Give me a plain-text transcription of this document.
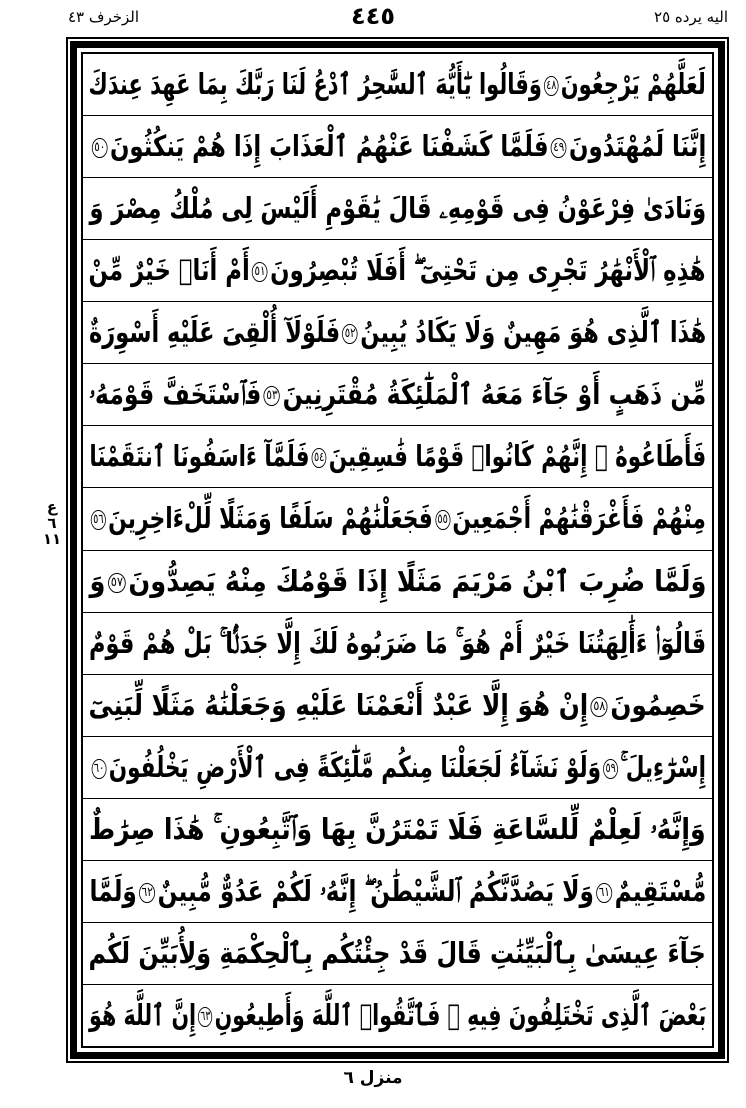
الزخرف ٤٣	٤٤٥	اليه يرده ٢٥
ع ٦ ١١
لَعَلَّهُمْ يَرْجِعُونَ٤٨وَقَالُوا يَٰٓأَيُّهَ ٱلسَّٰحِرُ ٱدْعُ لَنَا رَبَّكَ بِمَا عَهِدَ عِندَكَ
إِنَّنَا لَمُهْتَدُونَ٤٩فَلَمَّا كَشَفْنَا عَنْهُمُ ٱلْعَذَابَ إِذَا هُمْ يَنكُثُونَ٥٠
وَنَادَىٰ فِرْعَوْنُ فِى قَوْمِهِۦ قَالَ يَٰقَوْمِ أَلَيْسَ لِى مُلْكُ مِصْرَ وَ
هَٰذِهِ ٱلْأَنْهَٰرُ تَجْرِى مِن تَحْتِىٓ ۖ أَفَلَا تُبْصِرُونَ٥١أَمْ أَنَا۠ خَيْرٌ مِّنْ
هَٰذَا ٱلَّذِى هُوَ مَهِينٌ وَلَا يَكَادُ يُبِينُ٥٢فَلَوْلَآ أُلْقِىَ عَلَيْهِ أَسْوِرَةٌ
مِّن ذَهَبٍ أَوْ جَآءَ مَعَهُ ٱلْمَلَٰٓئِكَةُ مُقْتَرِنِينَ٥٣فَٱسْتَخَفَّ قَوْمَهُۥ
فَأَطَاعُوهُ ۚ إِنَّهُمْ كَانُوا۟ قَوْمًا فَٰسِقِينَ٥٤فَلَمَّآ ءَاسَفُونَا ٱنتَقَمْنَا
مِنْهُمْ فَأَغْرَقْنَٰهُمْ أَجْمَعِينَ٥٥فَجَعَلْنَٰهُمْ سَلَفًا وَمَثَلًا لِّلْءَاخِرِينَ٥٦
وَلَمَّا ضُرِبَ ٱبْنُ مَرْيَمَ مَثَلًا إِذَا قَوْمُكَ مِنْهُ يَصِدُّونَ٥٧وَ
قَالُوٓا۟ ءَأَٰلِهَتُنَا خَيْرٌ أَمْ هُوَ ۚ مَا ضَرَبُوهُ لَكَ إِلَّا جَدَلًۢا ۚ بَلْ هُمْ قَوْمٌ
خَصِمُونَ٥٨إِنْ هُوَ إِلَّا عَبْدٌ أَنْعَمْنَا عَلَيْهِ وَجَعَلْنَٰهُ مَثَلًا لِّبَنِىٓ
إِسْرَٰٓءِيلَ ۚ٥٩وَلَوْ نَشَآءُ لَجَعَلْنَا مِنكُم مَّلَٰٓئِكَةً فِى ٱلْأَرْضِ يَخْلُفُونَ٦٠
وَإِنَّهُۥ لَعِلْمٌ لِّلسَّاعَةِ فَلَا تَمْتَرُنَّ بِهَا وَٱتَّبِعُونِ ۚ هَٰذَا صِرَٰطٌ
مُّسْتَقِيمٌ٦١وَلَا يَصُدَّنَّكُمُ ٱلشَّيْطَٰنُ ۖ إِنَّهُۥ لَكُمْ عَدُوٌّ مُّبِينٌ٦٢وَلَمَّا
جَآءَ عِيسَىٰ بِٱلْبَيِّنَٰتِ قَالَ قَدْ جِئْتُكُم بِٱلْحِكْمَةِ وَلِأُبَيِّنَ لَكُم
بَعْضَ ٱلَّذِى تَخْتَلِفُونَ فِيهِ ۖ فَٱتَّقُوا۟ ٱللَّهَ وَأَطِيعُونِ٦٣إِنَّ ٱللَّهَ هُوَ
منزل ٦
